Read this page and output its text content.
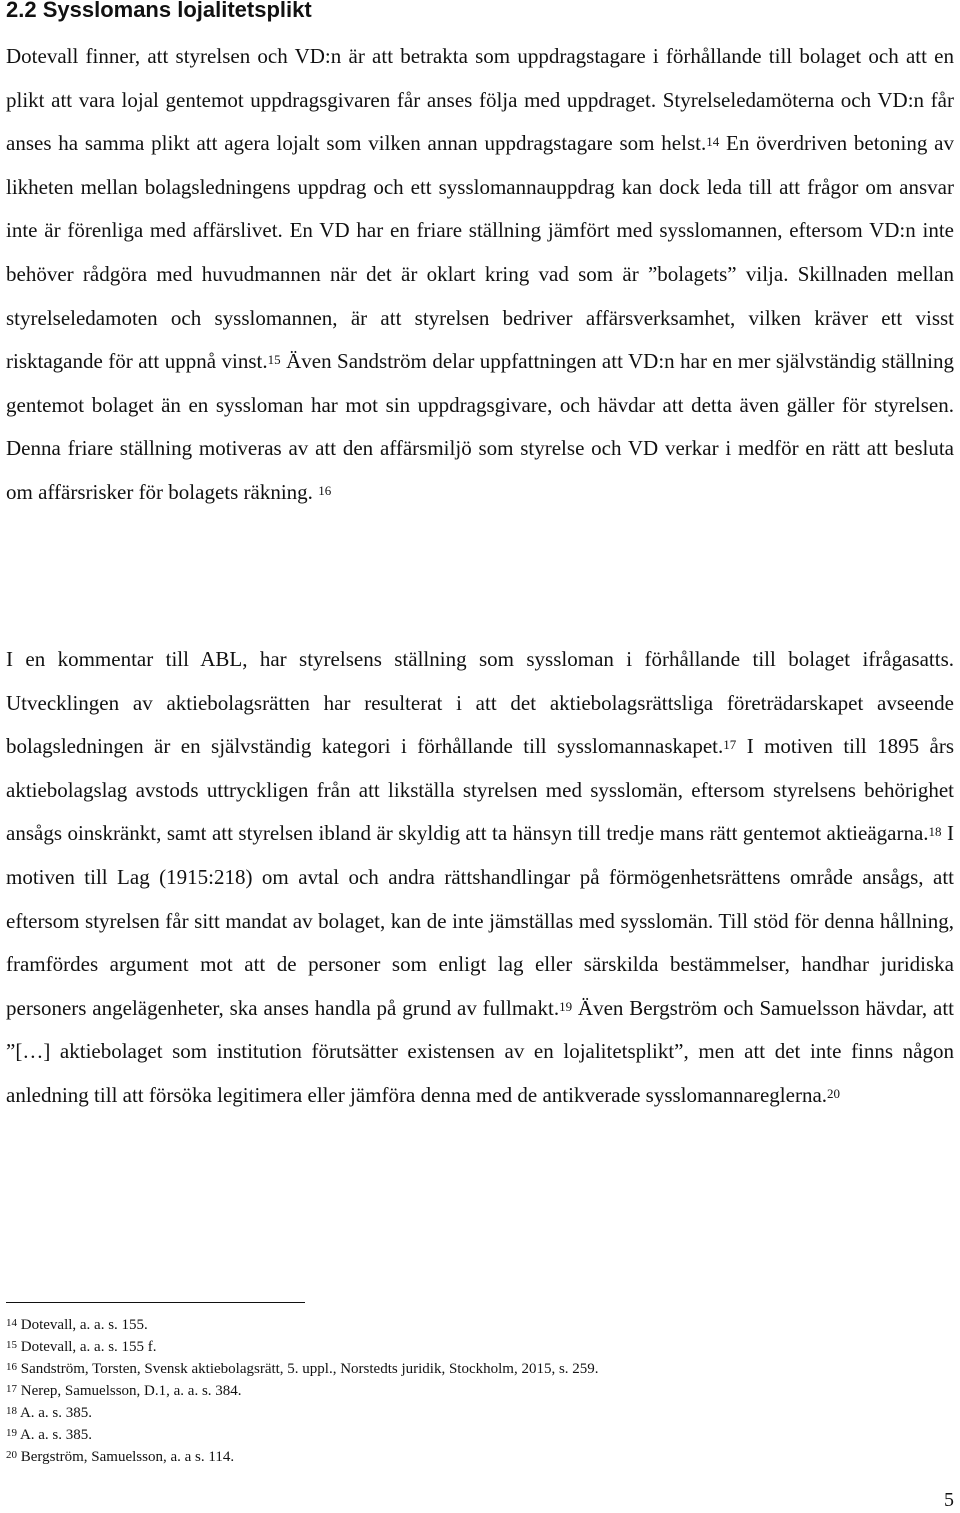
2.2 Sysslomans lojalitetsplikt

Dotevall finner, att styrelsen och VD:n är att betrakta som uppdragstagare i förhållande till bolaget och att en plikt att vara lojal gentemot uppdragsgivaren får anses följa med uppdraget. Styrelseledamöterna och VD:n får anses ha samma plikt att agera lojalt som vilken annan uppdragstagare som helst.$^{14}$ En överdriven betoning av likheten mellan bolagsledningens uppdrag och ett sysslomannauppdrag kan dock leda till att frågor om ansvar inte är förenliga med affärslivet. En VD har en friare ställning jämfört med sysslomannen, eftersom VD:n inte behöver rådgöra med huvudmannen när det är oklart kring vad som är ”bolagets” vilja. Skillnaden mellan styrelseledamoten och sysslomannen, är att styrelsen bedriver affärsverksamhet, vilken kräver ett visst risktagande för att uppnå vinst.$^{15}$ Även Sandström delar uppfattningen att VD:n har en mer självständig ställning gentemot bolaget än en syssloman har mot sin uppdragsgivare, och hävdar att detta även gäller för styrelsen. Denna friare ställning motiveras av att den affärsmiljö som styrelse och VD verkar i medför en rätt att besluta om affärsrisker för bolagets räkning. $^{16}$

I en kommentar till ABL, har styrelsens ställning som syssloman i förhållande till bolaget ifrågasatts. Utvecklingen av aktiebolagsrätten har resulterat i att det aktiebolagsrättsliga företrädarskapet avseende bolagsledningen är en självständig kategori i förhållande till sysslomannaskapet.$^{17}$ I motiven till 1895 års aktiebolagslag avstods uttryckligen från att likställa styrelsen med sysslomän, eftersom styrelsens behörighet ansågs oinskränkt, samt att styrelsen ibland är skyldig att ta hänsyn till tredje mans rätt gentemot aktieägarna.$^{18}$ I motiven till Lag (1915:218) om avtal och andra rättshandlingar på förmögenhetsrättens område ansågs, att eftersom styrelsen får sitt mandat av bolaget, kan de inte jämställas med sysslomän. Till stöd för denna hållning, framfördes argument mot att de personer som enligt lag eller särskilda bestämmelser, handhar juridiska personers angelägenheter, ska anses handla på grund av fullmakt.$^{19}$ Även Bergström och Samuelsson hävdar, att ”[…] aktiebolaget som institution förutsätter existensen av en lojalitetsplikt”, men att det inte finns någon anledning till att försöka legitimera eller jämföra denna med de antikverade sysslomannareglerna.$^{20}$

$^{14}$ Dotevall, a. a. s. 155.
$^{15}$ Dotevall, a. a. s. 155 f.
$^{16}$ Sandström, Torsten, Svensk aktiebolagsrätt, 5. uppl., Norstedts juridik, Stockholm, 2015, s. 259.
$^{17}$ Nerep, Samuelsson, D.1, a. a. s. 384.
$^{18}$ A. a. s. 385.
$^{19}$ A. a. s. 385.
$^{20}$ Bergström, Samuelsson, a. a s. 114.
5
